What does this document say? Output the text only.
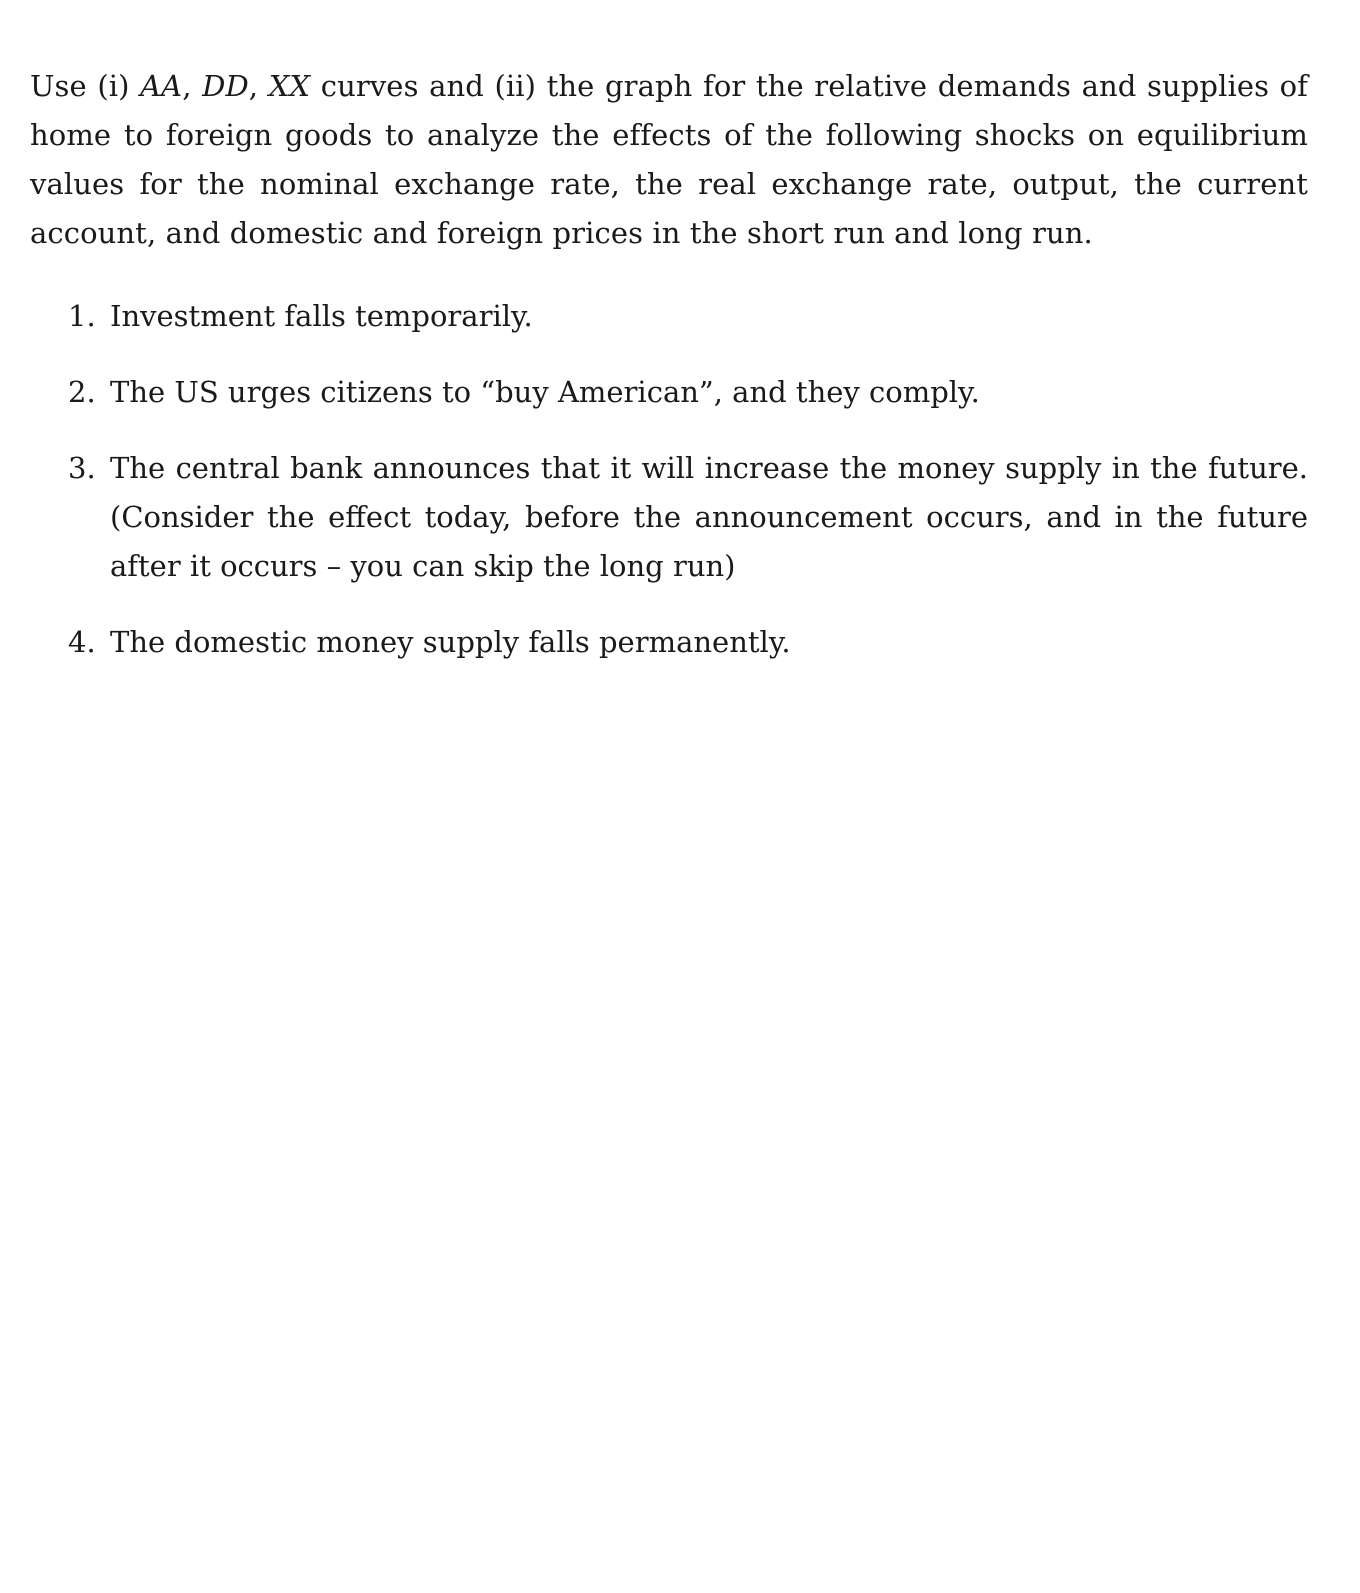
Use (i) AA, DD, XX curves and (ii) the graph for the relative demands and supplies of home to foreign goods to analyze the effects of the following shocks on equilibrium values for the nominal exchange rate, the real exchange rate, output, the current account, and domestic and foreign prices in the short run and long run.

1. Investment falls temporarily.
2. The US urges citizens to “buy American”, and they comply.
3. The central bank announces that it will increase the money supply in the future. (Consider the effect today, before the announcement occurs, and in the future after it occurs – you can skip the long run)
4. The domestic money supply falls permanently.
